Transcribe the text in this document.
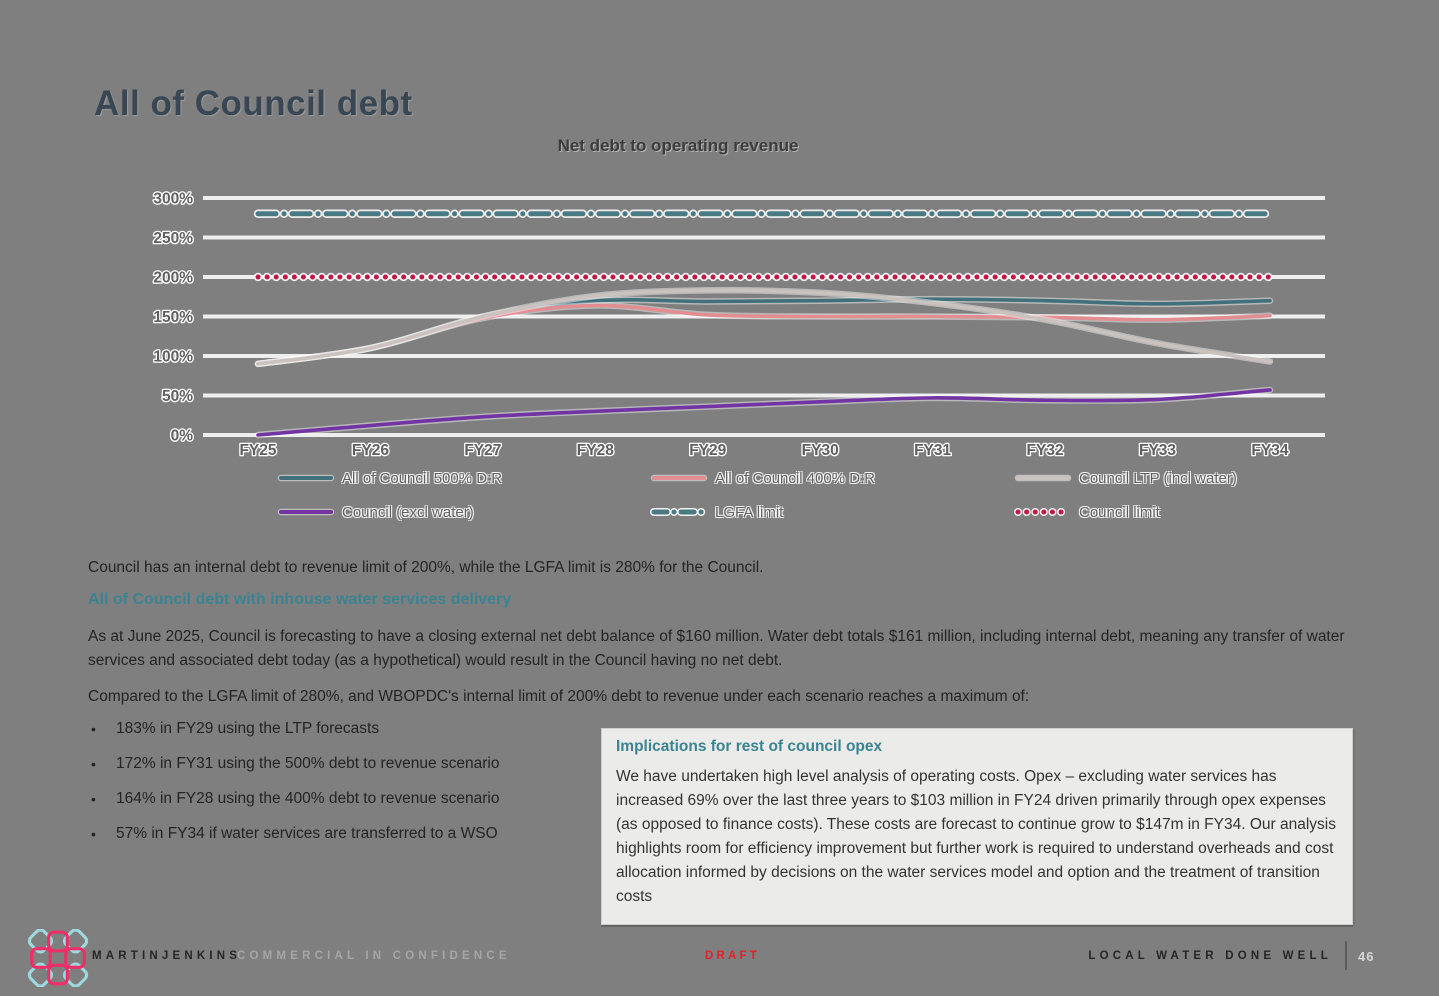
All of Council debt
Net debt to operating revenue
0%
50%
100%
150%
200%
250%
300%
FY25	FY26	FY27	FY28	FY29	FY30	FY31	FY32	FY33	FY34
All of Council 500% D:R	All of Council 400% D:R	Council LTP (incl water)
Council (excl water)	LGFA limit	Council limit
Council has an internal debt to revenue limit of 200%, while the LGFA limit is 280% for the Council.
All of Council debt with inhouse water services delivery
As at June 2025, Council is forecasting to have a closing external net debt balance of $160 million. Water debt totals $161 million, including internal debt, meaning any transfer of water services and associated debt today (as a hypothetical) would result in the Council having no net debt.
Compared to the LGFA limit of 280%, and WBOPDC's internal limit of 200% debt to revenue under each scenario reaches a maximum of:
• 183% in FY29 using the LTP forecasts
• 172% in FY31 using the 500% debt to revenue scenario
• 164% in FY28 using the 400% debt to revenue scenario
• 57% in FY34 if water services are transferred to a WSO

Implications for rest of council opex

We have undertaken high level analysis of operating costs. Opex – excluding water services has increased 69% over the last three years to $103 million in FY24 driven primarily through opex expenses (as opposed to finance costs). These costs are forecast to continue grow to $147m in FY34. Our analysis highlights room for efficiency improvement but further work is required to understand overheads and cost allocation informed by decisions on the water services model and option and the treatment of transition costs

MARTINJENKINS
COMMERCIAL IN CONFIDENCE	DRAFT	LOCAL WATER DONE WELL 46
